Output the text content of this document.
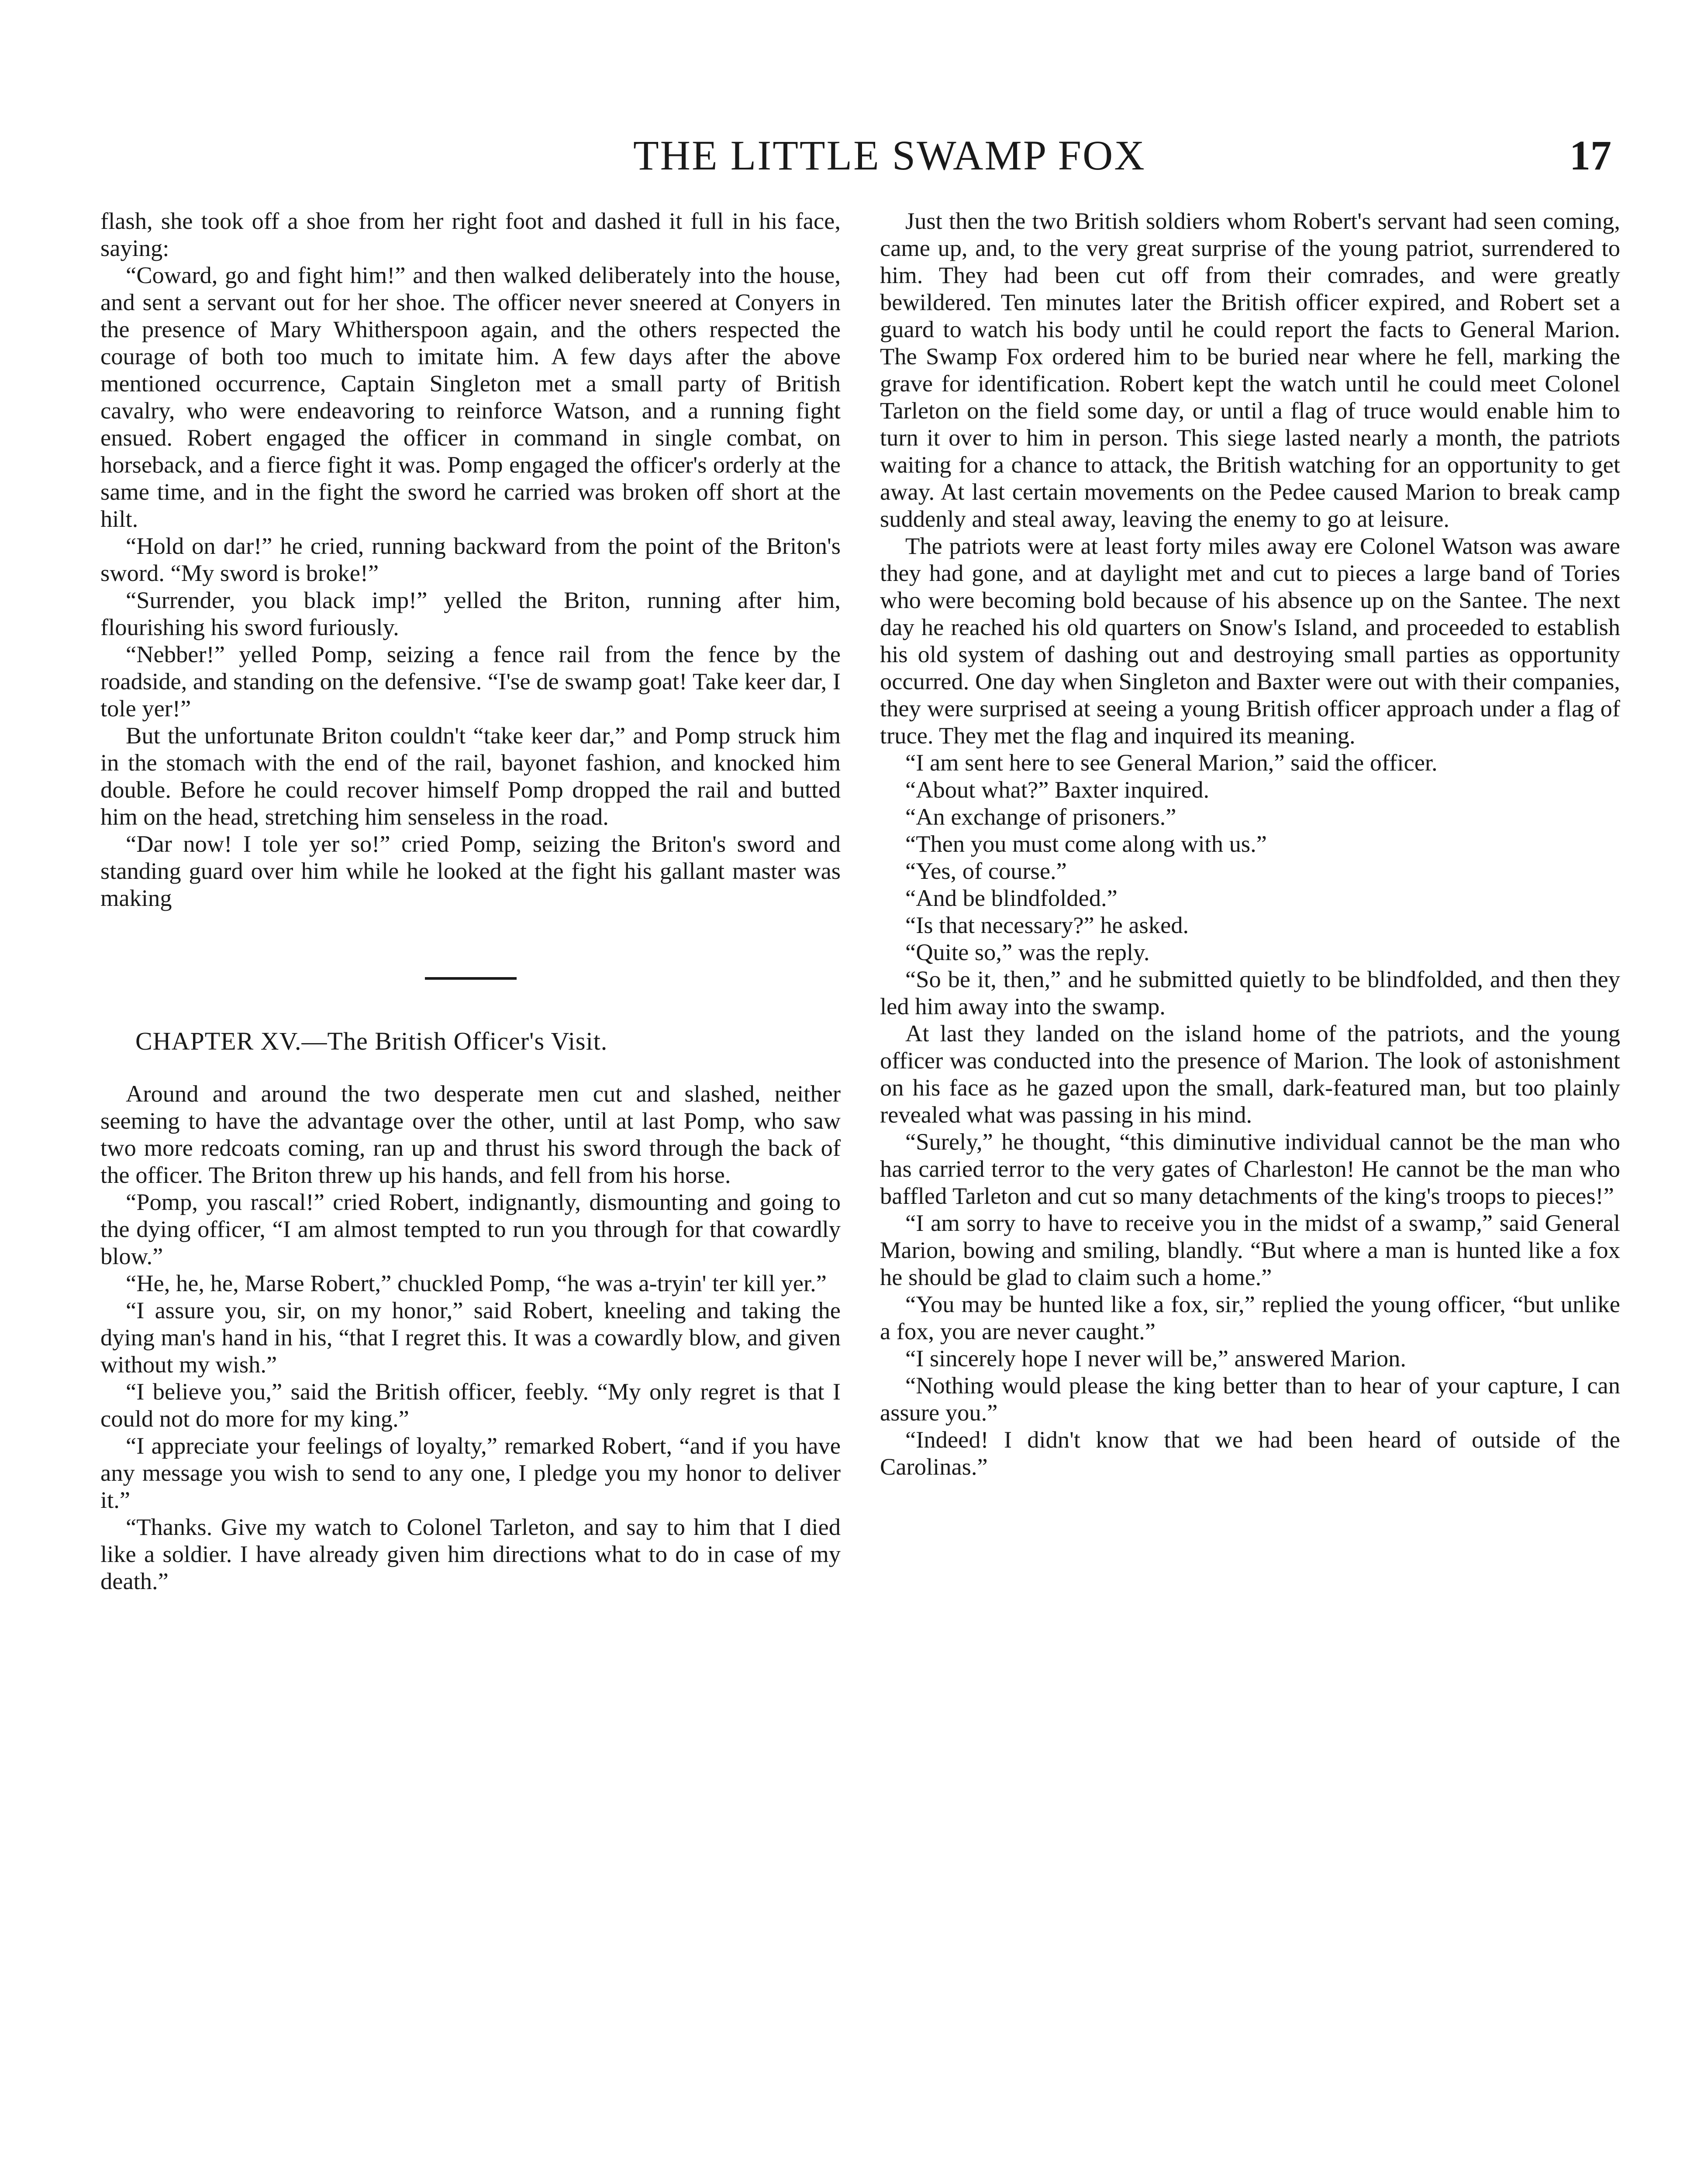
THE LITTLE SWAMP FOX	17

flash, she took off a shoe from her right foot and dashed it full in his face, saying:

“Coward, go and fight him!” and then walked deliberately into the house, and sent a servant out for her shoe. The officer never sneered at Conyers in the presence of Mary Whitherspoon again, and the others respected the courage of both too much to imitate him. A few days after the above mentioned occurrence, Captain Singleton met a small party of British cavalry, who were endeavoring to reinforce Watson, and a running fight ensued. Robert engaged the officer in command in single combat, on horseback, and a fierce fight it was. Pomp engaged the officer's orderly at the same time, and in the fight the sword he carried was broken off short at the hilt.

“Hold on dar!” he cried, running backward from the point of the Briton's sword. “My sword is broke!”

“Surrender, you black imp!” yelled the Briton, running after him, flourishing his sword furiously.

“Nebber!” yelled Pomp, seizing a fence rail from the fence by the roadside, and standing on the defensive. “I'se de swamp goat! Take keer dar, I tole yer!”

But the unfortunate Briton couldn't “take keer dar,” and Pomp struck him in the stomach with the end of the rail, bayonet fashion, and knocked him double. Before he could recover himself Pomp dropped the rail and butted him on the head, stretching him senseless in the road.

“Dar now! I tole yer so!” cried Pomp, seizing the Briton's sword and standing guard over him while he looked at the fight his gallant master was making

CHAPTER XV.—The British Officer's Visit.

Around and around the two desperate men cut and slashed, neither seeming to have the advantage over the other, until at last Pomp, who saw two more redcoats coming, ran up and thrust his sword through the back of the officer. The Briton threw up his hands, and fell from his horse.

“Pomp, you rascal!” cried Robert, indignantly, dismounting and going to the dying officer, “I am almost tempted to run you through for that cowardly blow.”

“He, he, he, Marse Robert,” chuckled Pomp, “he was a-tryin' ter kill yer.”

“I assure you, sir, on my honor,” said Robert, kneeling and taking the dying man's hand in his, “that I regret this. It was a cowardly blow, and given without my wish.”

“I believe you,” said the British officer, feebly. “My only regret is that I could not do more for my king.”

“I appreciate your feelings of loyalty,” remarked Robert, “and if you have any message you wish to send to any one, I pledge you my honor to deliver it.”

“Thanks. Give my watch to Colonel Tarleton, and say to him that I died like a soldier. I have already given him directions what to do in case of my death.”

Just then the two British soldiers whom Robert's servant had seen coming, came up, and, to the very great surprise of the young patriot, surrendered to him. They had been cut off from their comrades, and were greatly bewildered. Ten minutes later the British officer expired, and Robert set a guard to watch his body until he could report the facts to General Marion. The Swamp Fox ordered him to be buried near where he fell, marking the grave for identification. Robert kept the watch until he could meet Colonel Tarleton on the field some day, or until a flag of truce would enable him to turn it over to him in person. This siege lasted nearly a month, the patriots waiting for a chance to attack, the British watching for an opportunity to get away. At last certain movements on the Pedee caused Marion to break camp suddenly and steal away, leaving the enemy to go at leisure.

The patriots were at least forty miles away ere Colonel Watson was aware they had gone, and at daylight met and cut to pieces a large band of Tories who were becoming bold because of his absence up on the Santee. The next day he reached his old quarters on Snow's Island, and proceeded to establish his old system of dashing out and destroying small parties as opportunity occurred. One day when Singleton and Baxter were out with their companies, they were surprised at seeing a young British officer approach under a flag of truce. They met the flag and inquired its meaning.

“I am sent here to see General Marion,” said the officer.

“About what?” Baxter inquired.

“An exchange of prisoners.”

“Then you must come along with us.”

“Yes, of course.”

“And be blindfolded.”

“Is that necessary?” he asked.

“Quite so,” was the reply.

“So be it, then,” and he submitted quietly to be blindfolded, and then they led him away into the swamp.

At last they landed on the island home of the patriots, and the young officer was conducted into the presence of Marion. The look of astonishment on his face as he gazed upon the small, dark-featured man, but too plainly revealed what was passing in his mind.

“Surely,” he thought, “this diminutive individual cannot be the man who has carried terror to the very gates of Charleston! He cannot be the man who baffled Tarleton and cut so many detachments of the king's troops to pieces!”

“I am sorry to have to receive you in the midst of a swamp,” said General Marion, bowing and smiling, blandly. “But where a man is hunted like a fox he should be glad to claim such a home.”

“You may be hunted like a fox, sir,” replied the young officer, “but unlike a fox, you are never caught.”

“I sincerely hope I never will be,” answered Marion.

“Nothing would please the king better than to hear of your capture, I can assure you.”

“Indeed! I didn't know that we had been heard of outside of the Carolinas.”
